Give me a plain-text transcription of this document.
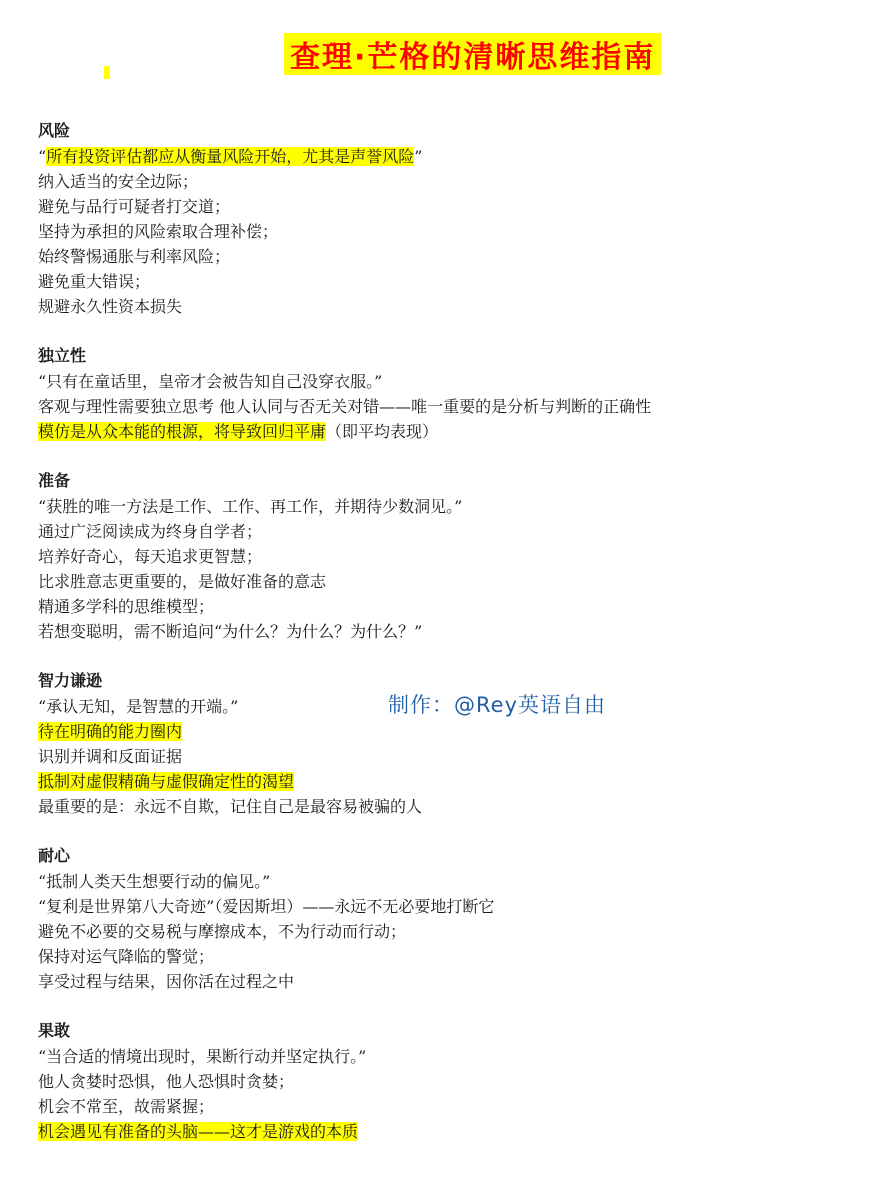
查理·芒格的清晰思维指南
风险
“所有投资评估都应从衡量风险开始，尤其是声誉风险”
纳入适当的安全边际；
避免与品行可疑者打交道；
坚持为承担的风险索取合理补偿；
始终警惕通胀与利率风险；
避免重大错误；
规避永久性资本损失
独立性
“只有在童话里，皇帝才会被告知自己没穿衣服。”
客观与理性需要独立思考 他人认同与否无关对错——唯一重要的是分析与判断的正确性
模仿是从众本能的根源，将导致回归平庸（即平均表现）
准备
“获胜的唯一方法是工作、工作、再工作，并期待少数洞见。”
通过广泛阅读成为终身自学者；
培养好奇心，每天追求更智慧；
比求胜意志更重要的，是做好准备的意志
精通多学科的思维模型；
若想变聪明，需不断追问“为什么？为什么？为什么？”
智力谦逊
“承认无知，是智慧的开端。”
待在明确的能力圈内
识别并调和反面证据
抵制对虚假精确与虚假确定性的渴望
最重要的是：永远不自欺，记住自己是最容易被骗的人
耐心
“抵制人类天生想要行动的偏见。”
“复利是世界第八大奇迹”（爱因斯坦）——永远不无必要地打断它
避免不必要的交易税与摩擦成本，不为行动而行动；
保持对运气降临的警觉；
享受过程与结果，因你活在过程之中
果敢
“当合适的情境出现时，果断行动并坚定执行。”
他人贪婪时恐惧，他人恐惧时贪婪；
机会不常至，故需紧握；
机会遇见有准备的头脑——这才是游戏的本质
制作：@Rey英语自由
